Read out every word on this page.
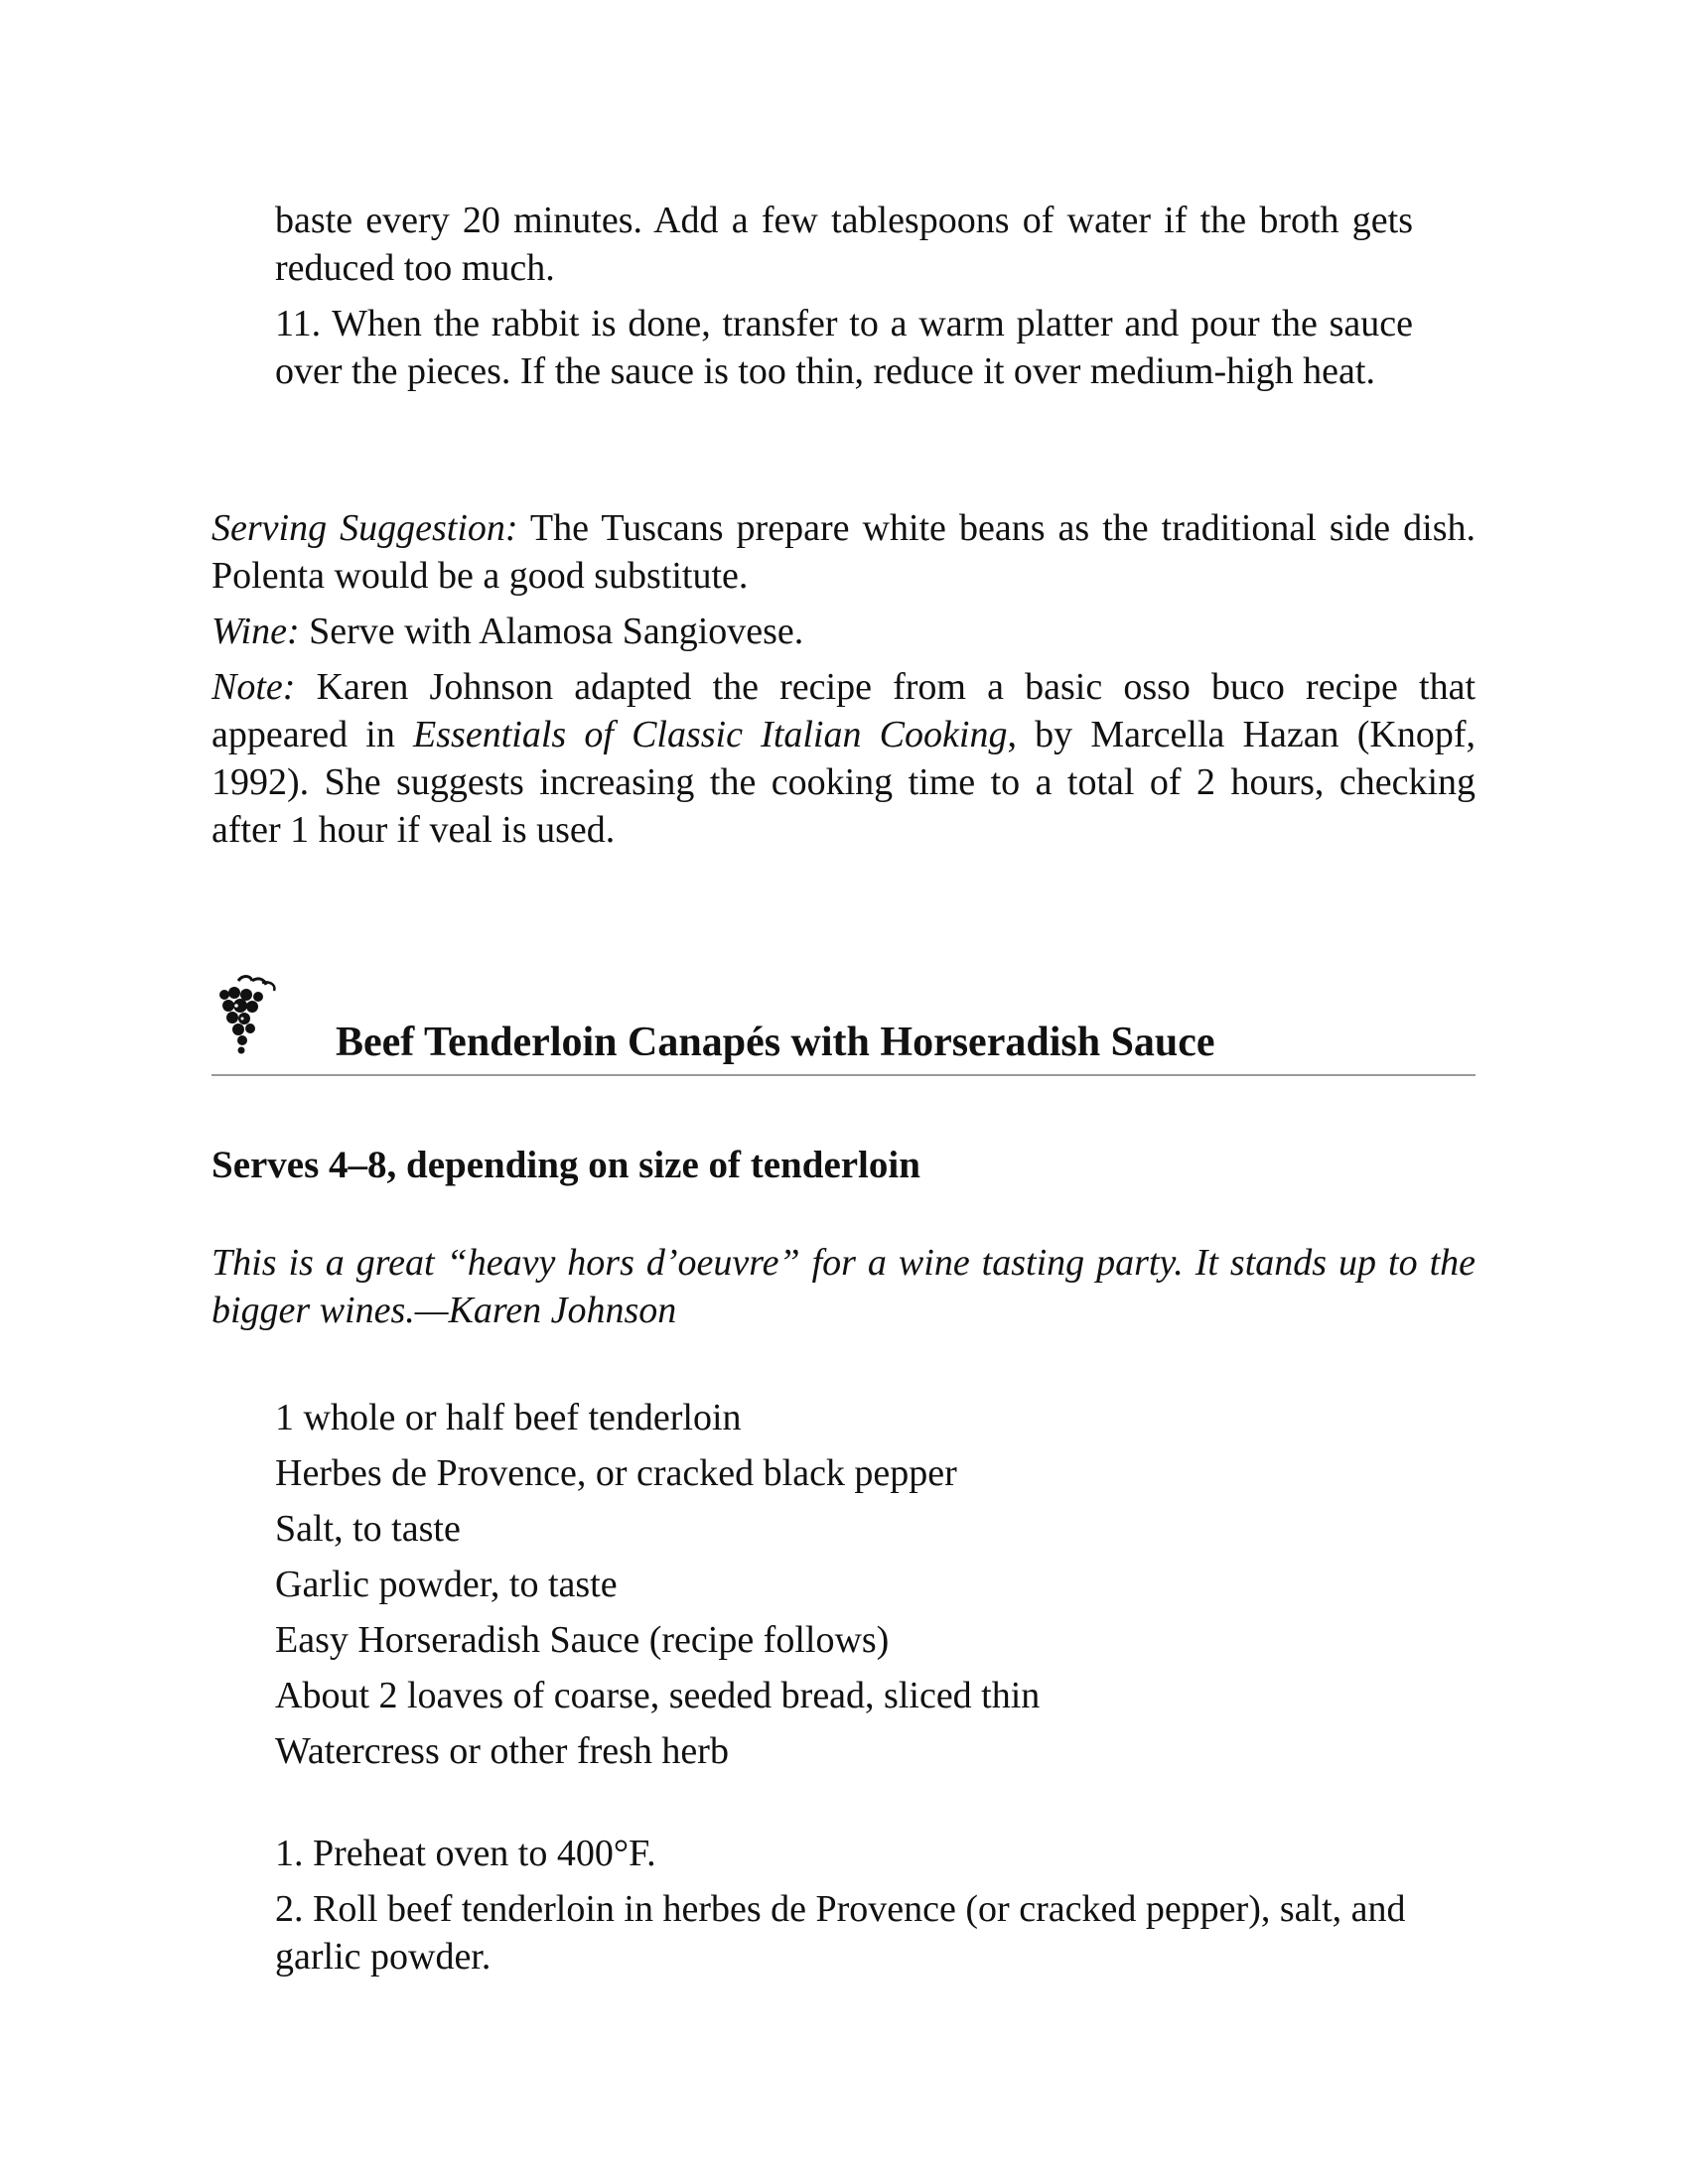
baste every 20 minutes. Add a few tablespoons of water if the broth gets reduced too much.

11. When the rabbit is done, transfer to a warm platter and pour the sauce over the pieces. If the sauce is too thin, reduce it over medium-high heat.

Serving Suggestion: The Tuscans prepare white beans as the traditional side dish. Polenta would be a good substitute.

Wine: Serve with Alamosa Sangiovese.

Note: Karen Johnson adapted the recipe from a basic osso buco recipe that appeared in Essentials of Classic Italian Cooking, by Marcella Hazan (Knopf, 1992). She suggests increasing the cooking time to a total of 2 hours, checking after 1 hour if veal is used.

Beef Tenderloin Canapés with Horseradish Sauce

Serves 4–8, depending on size of tenderloin

This is a great “heavy hors d’oeuvre” for a wine tasting party. It stands up to the bigger wines.—Karen Johnson

1 whole or half beef tenderloin
Herbes de Provence, or cracked black pepper
Salt, to taste
Garlic powder, to taste
Easy Horseradish Sauce (recipe follows)
About 2 loaves of coarse, seeded bread, sliced thin
Watercress or other fresh herb

1. Preheat oven to 400°F.

2. Roll beef tenderloin in herbes de Provence (or cracked pepper), salt, and garlic powder.
